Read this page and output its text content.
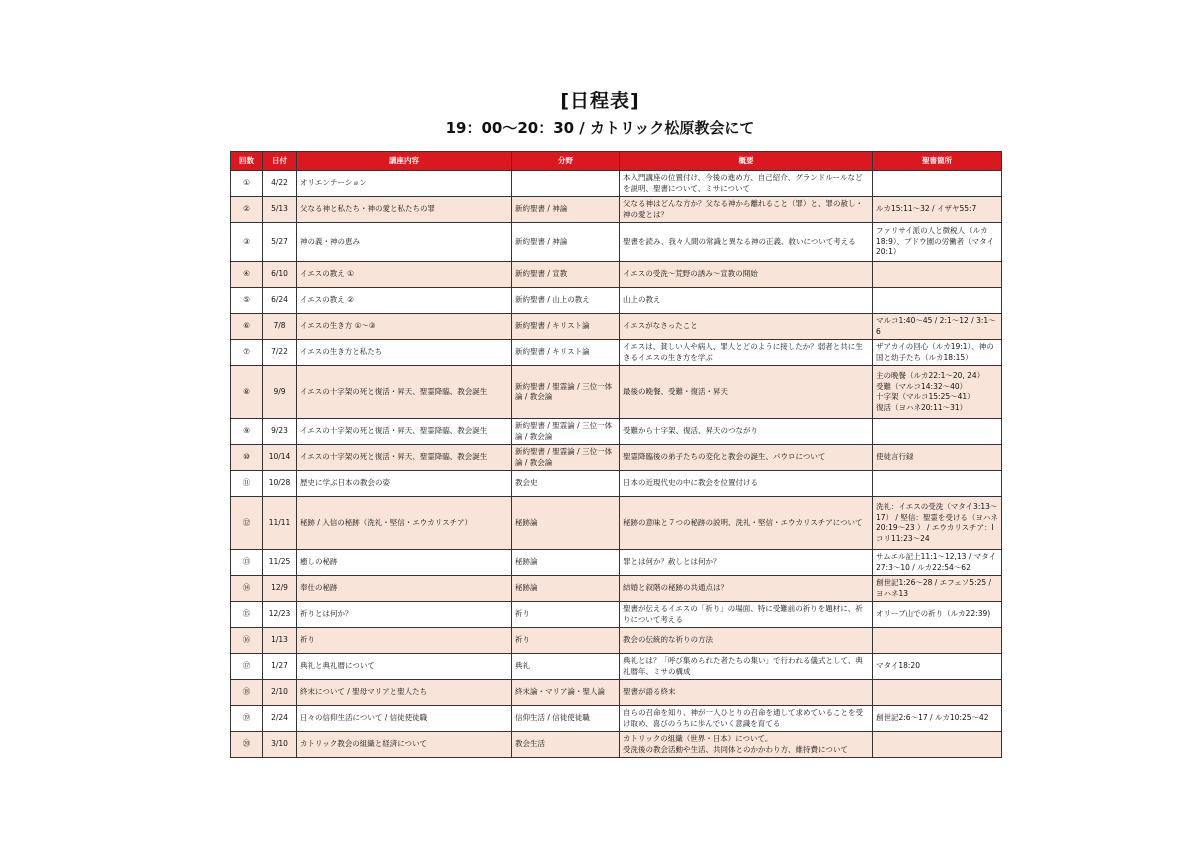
[日程表]
19：00〜20：30 / カトリック松原教会にて
回数	日付	講座内容	分野	概要	聖書箇所
①	4/22	オリエンテーション		本入門講座の位置付け、今後の進め方、自己紹介、グランドルールなどを説明、聖書について、ミサについて	
②	5/13	父なる神と私たち・神の愛と私たちの罪	新約聖書 / 神論	父なる神はどんな方か？父なる神から離れること（罪）と、罪の赦し・神の愛とは？	ルカ15:11〜32 / イザヤ55:7
③	5/27	神の義・神の恵み	新約聖書 / 神論	聖書を読み、我々人間の常識と異なる神の正義、救いについて考える	ファリサイ派の人と徴税人（ルカ18:9）、ブドウ園の労働者（マタイ20:1）
④	6/10	イエスの教え ①	新約聖書 / 宣教	イエスの受洗〜荒野の誘み〜宣教の開始	
⑤	6/24	イエスの教え ②	新約聖書 / 山上の教え	山上の教え	
⑥	7/8	イエスの生き方 ①〜③	新約聖書 / キリスト論	イエスがなさったこと	マルコ1:40〜45 / 2:1〜12 / 3:1〜6
⑦	7/22	イエスの生き方と私たち	新約聖書 / キリスト論	イエスは、貧しい人や病人、罪人とどのように接したか？弱者と共に生きるイエスの生き方を学ぶ	ザアカイの回心（ルカ19:1）、神の国と幼子たち（ルカ18:15）
⑧	9/9	イエスの十字架の死と復活・昇天、聖霊降臨、教会誕生	新約聖書 / 聖霊論 / 三位一体論 / 教会論	最後の晩餐、受難・復活・昇天	主の晩餐（ルカ22:1〜20, 24）
受難（マルコ14:32〜40）
十字架（マルコ15:25〜41）
復活（ヨハネ20:11〜31）
⑨	9/23	イエスの十字架の死と復活・昇天、聖霊降臨、教会誕生	新約聖書 / 聖霊論 / 三位一体論 / 教会論	受難から十字架、復活、昇天のつながり	
⑩	10/14	イエスの十字架の死と復活・昇天、聖霊降臨、教会誕生	新約聖書 / 聖霊論 / 三位一体論 / 教会論	聖霊降臨後の弟子たちの変化と教会の誕生、パウロについて	使徒言行録
⑪	10/28	歴史に学ぶ日本の教会の姿	教会史	日本の近現代史の中に教会を位置付ける	
⑫	11/11	秘跡 / 入信の秘跡（洗礼・堅信・エウカリスチア）	秘跡論	秘跡の意味と７つの秘跡の説明、洗礼・堅信・エウカリスチアについて	洗礼：イエスの受洗（マタイ3:13〜17） / 堅信：聖霊を受ける（ヨハネ20:19〜23 ） / エウカリスチア：Iコリ11:23〜24
⑬	11/25	癒しの秘跡	秘跡論	罪とは何か？赦しとは何か？	サムエル記上11:1〜12,13 / マタイ27:3〜10 / ルカ22:54〜62
⑭	12/9	奉仕の秘跡	秘跡論	結婚と叙階の秘跡の共通点は？	創世記1:26〜28 / エフェソ5:25 / ヨハネ13
⑮	12/23	祈りとは何か？	祈り	聖書が伝えるイエスの「祈り」の場面、特に受難前の祈りを題材に、祈りについて考える	オリーブ山での祈り（ルカ22:39)
⑯	1/13	祈り	祈り	教会の伝統的な祈りの方法	
⑰	1/27	典礼と典礼暦について	典礼	典礼とは？「呼び集められた者たちの集い」で行われる儀式として、典礼暦年、ミサの構成	マタイ18:20
⑱	2/10	終末について / 聖母マリアと聖人たち	終末論・マリア論・聖人論	聖書が語る終末	
⑲	2/24	日々の信仰生活について / 信徒使徒職	信仰生活 / 信徒使徒職	自らの召命を知り、神が一人ひとりの召命を通して求めていることを受け取め、喜びのうちに歩んでいく意識を育てる	創世記2:6〜17 / ルカ10:25〜42
⑳	3/10	カトリック教会の組織と経済について	教会生活	カトリックの組織（世界・日本）について。
受洗後の教会活動や生活、共同体とのかかわり方、維持費について	
